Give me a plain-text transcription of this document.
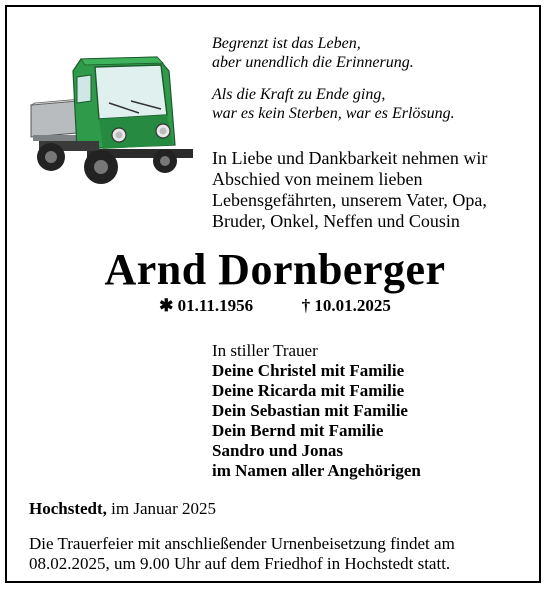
Begrenzt ist das Leben,
aber unendlich die Erinnerung.

Als die Kraft zu Ende ging,
war es kein Sterben, war es Erlösung.

In Liebe und Dankbarkeit nehmen wir
Abschied von meinem lieben
Lebensgefährten, unserem Vater, Opa,
Bruder, Onkel, Neffen und Cousin
Arnd Dornberger
✱ 01.11.1956	† 10.01.2025
In stiller Trauer
Deine Christel mit Familie
Deine Ricarda mit Familie
Dein Sebastian mit Familie
Dein Bernd mit Familie
Sandro und Jonas
im Namen aller Angehörigen
Hochstedt, im Januar 2025
Die Trauerfeier mit anschließender Urnenbeisetzung findet am
08.02.2025, um 9.00 Uhr auf dem Friedhof in Hochstedt statt.
